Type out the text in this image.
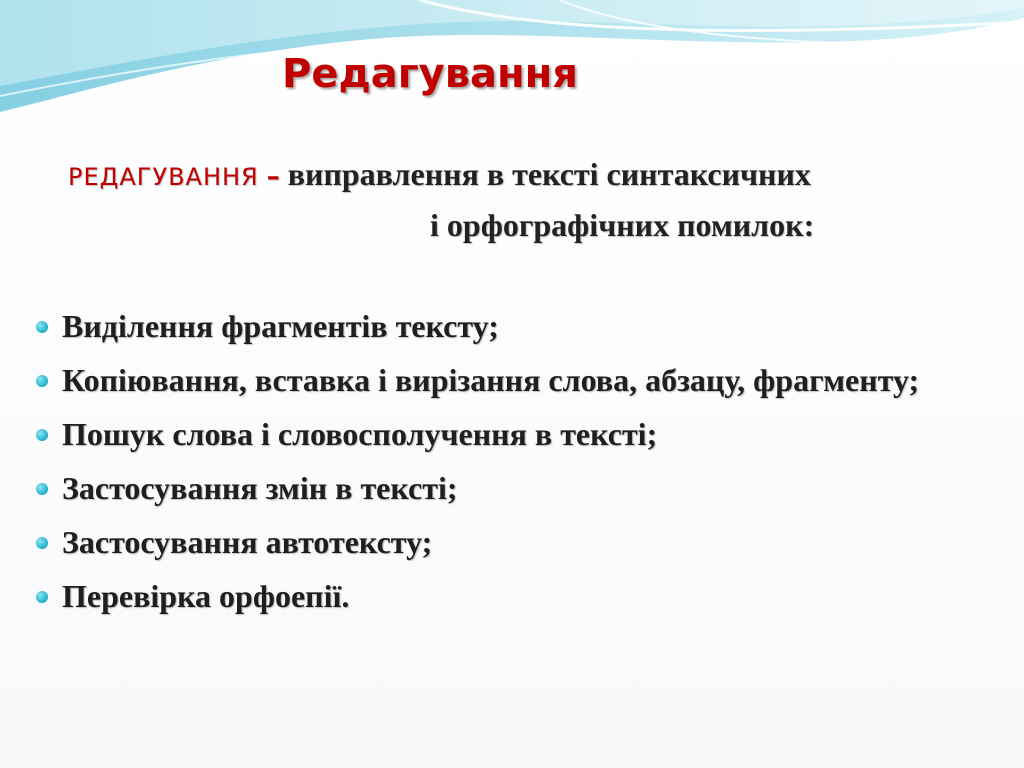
Редагування
РЕДАГУВАННЯ – виправлення в тексті синтаксичних
і орфографічних помилок:
Виділення фрагментів тексту;
Копіювання, вставка і вирізання слова, абзацу, фрагменту;
Пошук слова і словосполучення в тексті;
Застосування змін в тексті;
Застосування автотексту;
Перевірка орфоепії.
